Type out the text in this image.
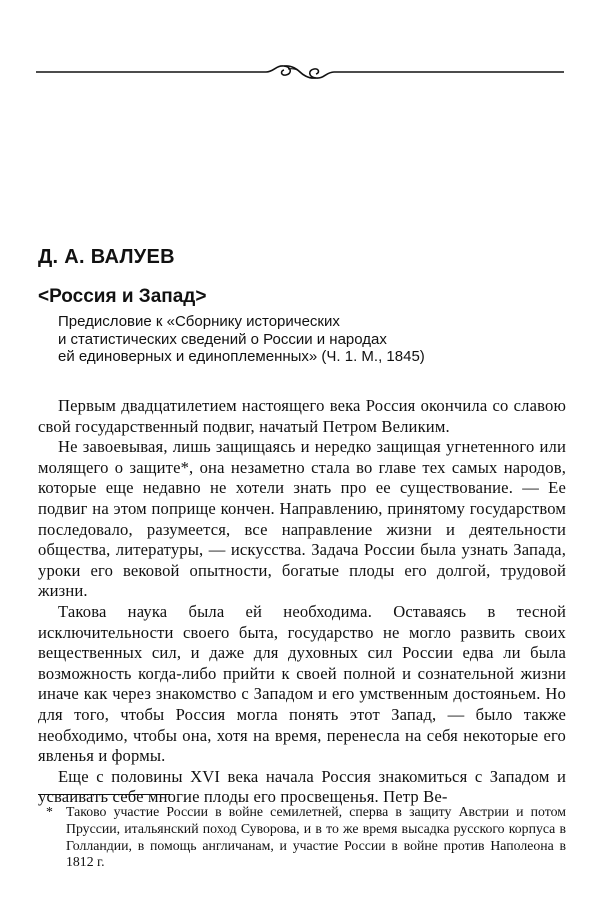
Д. А. ВАЛУЕВ
<Россия и Запад>
Предисловие к «Сборнику исторических
и статистических сведений о России и народах
ей единоверных и единоплеменных» (Ч. 1. М., 1845)

Первым двадцатилетием настоящего века Россия окончила со славою свой государственный подвиг, начатый Петром Великим.

Не завоевывая, лишь защищаясь и нередко защищая угнетенного или молящего о защите*, она незаметно стала во главе тех самых народов, которые еще недавно не хотели знать про ее существование. — Ее подвиг на этом поприще кончен. Направлению, принятому государством последовало, разумеется, все направление жизни и деятельности общества, литературы, — искусства. Задача России была узнать Запада, уроки его вековой опытности, богатые плоды его долгой, трудовой жизни.

Такова наука была ей необходима. Оставаясь в тесной исключительности своего быта, государство не могло развить своих вещественных сил, и даже для духовных сил России едва ли была возможность когда-либо прийти к своей полной и сознательной жизни иначе как через знакомство с Западом и его умственным достояньем. Но для того, чтобы Россия могла понять этот Запад, — было также необходимо, чтобы она, хотя на время, перенесла на себя некоторые его явленья и формы.

Еще с половины XVI века начала Россия знакомиться с Западом и усваивать себе многие плоды его просвещенья. Петр Ве-

* Таково участие России в войне семилетней, сперва в защиту Австрии и потом Пруссии, итальянский поход Суворова, и в то же время высадка русского корпуса в Голландии, в помощь англичанам, и участие России в войне против Наполеона в 1812 г.
